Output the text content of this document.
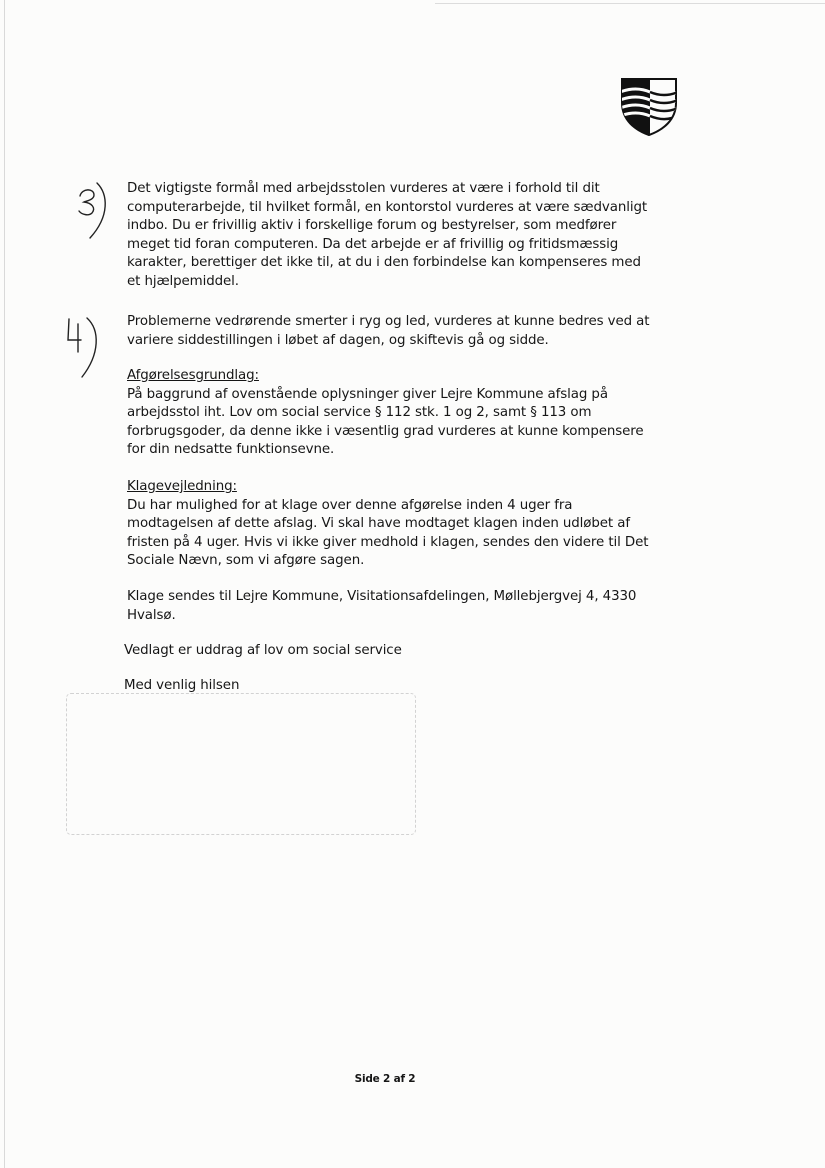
Det vigtigste formål med arbejdsstolen vurderes at være i forhold til dit computerarbejde, til hvilket formål, en kontorstol vurderes at være sædvanligt indbo. Du er frivillig aktiv i forskellige forum og bestyrelser, som medfører meget tid foran computeren. Da det arbejde er af frivillig og fritidsmæssig karakter, berettiger det ikke til, at du i den forbindelse kan kompenseres med et hjælpemiddel.
Problemerne vedrørende smerter i ryg og led, vurderes at kunne bedres ved at variere siddestillingen i løbet af dagen, og skiftevis gå og sidde.
Afgørelsesgrundlag:
På baggrund af ovenstående oplysninger giver Lejre Kommune afslag på arbejdsstol iht. Lov om social service § 112 stk. 1 og 2, samt § 113 om forbrugsgoder, da denne ikke i væsentlig grad vurderes at kunne kompensere for din nedsatte funktionsevne.
Klagevejledning:
Du har mulighed for at klage over denne afgørelse inden 4 uger fra modtagelsen af dette afslag. Vi skal have modtaget klagen inden udløbet af fristen på 4 uger. Hvis vi ikke giver medhold i klagen, sendes den videre til Det Sociale Nævn, som vi afgøre sagen.
Klage sendes til Lejre Kommune, Visitationsafdelingen, Møllebjergvej 4, 4330 Hvalsø.
Vedlagt er uddrag af lov om social service
Med venlig hilsen
Side 2 af 2
